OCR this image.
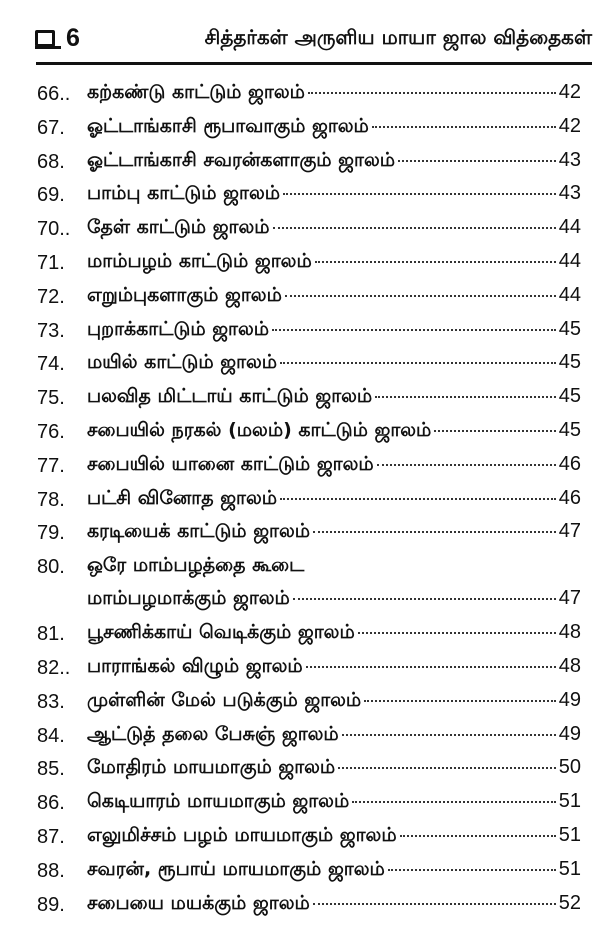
6	சித்தர்கள் அருளிய மாயா ஜால வித்தைகள்
66.. கற்கண்டு காட்டும் ஜாலம்	42
67. ஓட்டாங்காசி ரூபாவாகும் ஜாலம்	42
68. ஓட்டாங்காசி சவரன்களாகும் ஜாலம்	43
69. பாம்பு காட்டும் ஜாலம்	43
70.. தேள் காட்டும் ஜாலம்	44
71. மாம்பழம் காட்டும் ஜாலம்	44
72. எறும்புகளாகும் ஜாலம்	44
73. புறாக்காட்டும் ஜாலம்	45
74. மயில் காட்டும் ஜாலம்	45
75. பலவித மிட்டாய் காட்டும் ஜாலம்	45
76. சபையில் நரகல் (மலம்) காட்டும் ஜாலம்	45
77. சபையில் யானை காட்டும் ஜாலம்	46
78. பட்சி வினோத ஜாலம்	46
79. கரடியைக் காட்டும் ஜாலம்	47
80. ஒரே மாம்பழத்தை கூடை
மாம்பழமாக்கும் ஜாலம்	47
81. பூசணிக்காய் வெடிக்கும் ஜாலம்	48
82.. பாராங்கல் விழும் ஜாலம்	48
83. முள்ளின் மேல் படுக்கும் ஜாலம்	49
84. ஆட்டுத் தலை பேசுஞ் ஜாலம்	49
85. மோதிரம் மாயமாகும் ஜாலம்	50
86. கெடியாரம் மாயமாகும் ஜாலம்	51
87. எலுமிச்சம் பழம் மாயமாகும் ஜாலம்	51
88. சவரன், ரூபாய் மாயமாகும் ஜாலம்	51
89. சபையை மயக்கும் ஜாலம்	52
